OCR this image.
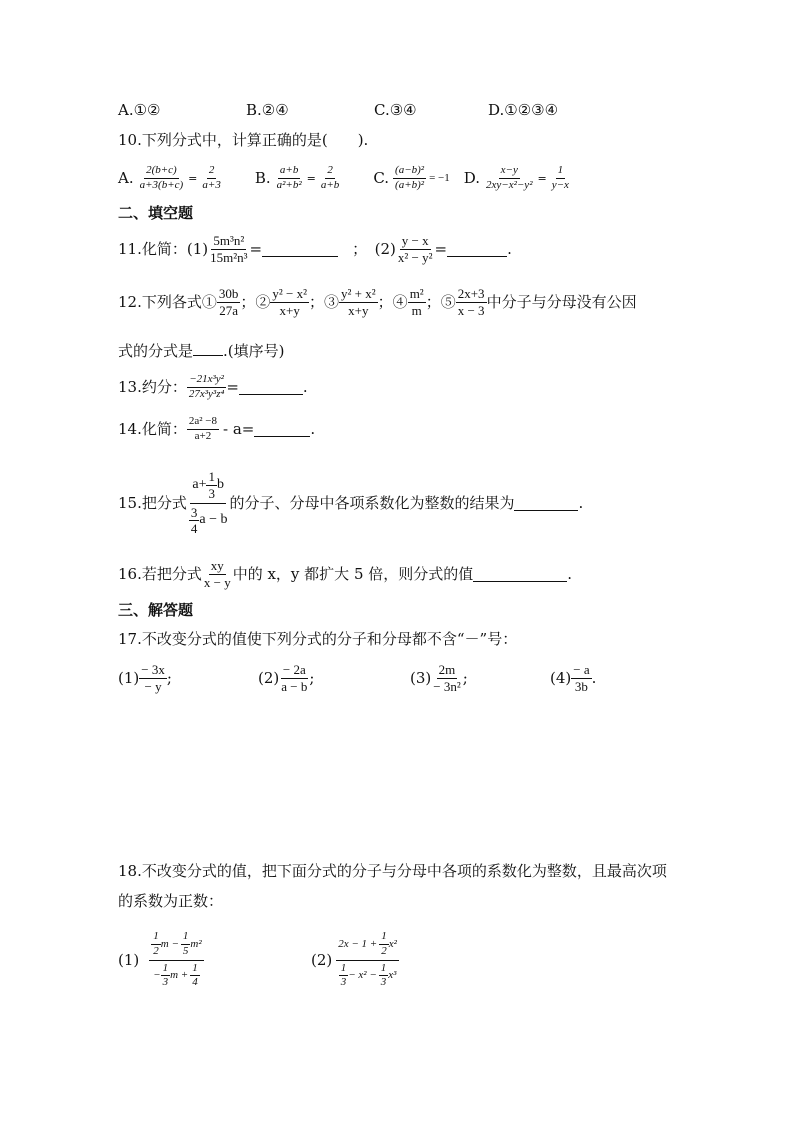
A.①②	B.②④	C.③④	D.①②③④
10.下列分式中，计算正确的是(　　).
A. $\frac{2(b+c)}{a+3(b+c)} = \frac{2}{a+3} B$. $\frac{a+b}{\text{a²+b²}} = \frac{2}{a+b} C$. $\frac{\text{(a−b)²}}{\text{(a+b)²}} = -1$ D. $\frac{x-y}{\text{2xy−x²−y²}} = \frac{1}{y-x}$
二、填空题
11.化简：$(1) \frac{\text{5m³n²}}{\text{15m²n³}}$ =	；　$(2) \frac{y - x}{\text{x² − y²}}$ =	.
12.下列各式① $\frac{30b}{27a}$ ；② $\frac{\text{y² − x²}}{x+y}$ ；③ $\frac{\text{y² + x²}}{x+y}$ ；④ $\frac{\text{m²}}{m}$ ；⑤ $\frac{2x+3}{x - 3}$ 中分子与分母没有公因
式的分式是 .(填序号)
13.约分： $\frac{\text{−21x³y²}}{\text{27x³y³z⁴}}$ =	.
14.化简： $\frac{\text{2a² −8}}{a+2} - a=$	.
15.把分式 $a+ \frac{1}{3}$ b
3
4
a − b 的分子、分母中各项系数化为整数的结果为	.
16.若把分式 $\frac{xy}{x - y}$ 中的 x，y 都扩大 5 倍，则分式的值	.
三、解答题
17.不改变分式的值使下列分式的分子和分母都不含“－”号：
$(1) \frac{- 3x}{- y}$ ;	$(2) \frac{- 2a}{a - b}$ ;	$(3) \frac{2m}{\text{− 3n²}}$ ;	$(4) \frac{- a}{3b}$ .
18.不改变分式的值，把下面分式的分子与分母中各项的系数化为整数，且最高次项
的系数为正数：
(1) 1
2
$m - \frac{1}{5} m^2$
− $\frac{1}{3}$ $m + \frac{1}{4}$	(2) $2x - 1 + \frac{1}{2} x^2$
1
3
− $x^2 - \frac{1}{3} x^3$
